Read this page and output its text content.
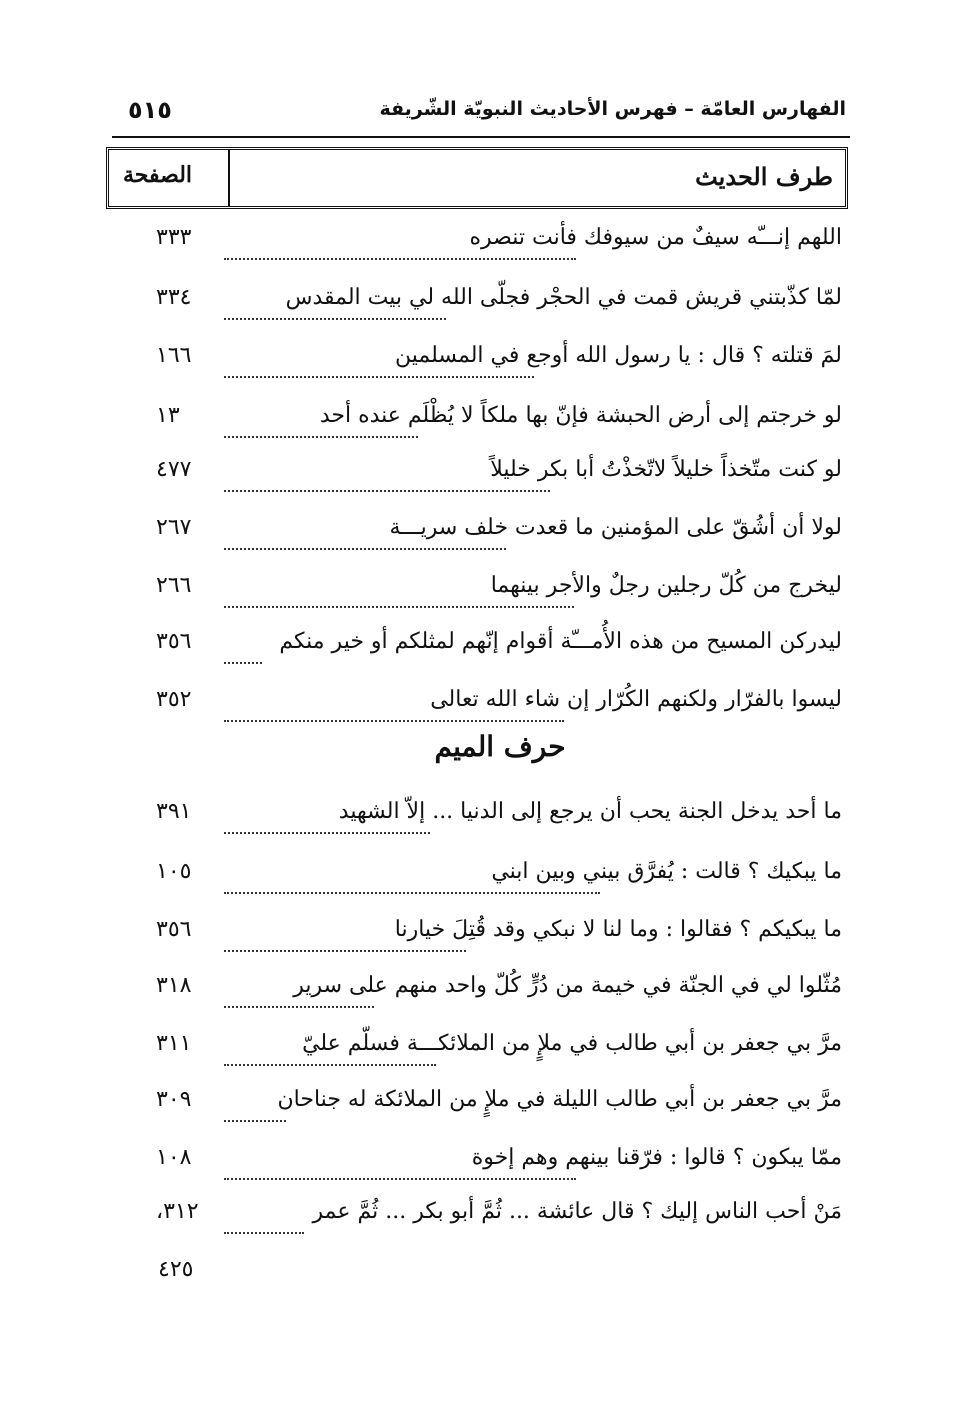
الفهارس العامّة – فهرس الأحاديث النبويّة الشّريفة
٥١٥
طرف الحديث
الصفحة
اللهم إنـــّه سيفٌ من سيوفك فأنت تنصره
٣٣٣
لمّا كذّبتني قريش قمت في الحجْر فجلّى الله لي بيت المقدس
٣٣٤
لمَ قتلته ؟ قال : يا رسول الله أوجع في المسلمين
١٦٦
لو خرجتم إلى أرض الحبشة فإنّ بها ملكاً لا يُظْلَم عنده أحد
١٣
لو كنت متّخذاً خليلاً لاتّخذْتُ أبا بكر خليلاً
٤٧٧
لولا أن أشُقّ على المؤمنين ما قعدت خلف سريـــة
٢٦٧
ليخرج من كُلّ رجلين رجلٌ والأجر بينهما
٢٦٦
ليدركن المسيح من هذه الأُمـــّة أقوام إنّهم لمثلكم أو خير منكم
٣٥٦
ليسوا بالفرّار ولكنهم الكُرّار إن شاء الله تعالى
٣٥٢
حرف الميم
ما أحد يدخل الجنة يحب أن يرجع إلى الدنيا ... إلاّ الشهيد
٣٩١
ما يبكيك ؟ قالت : يُفرَّق بيني وبين ابني
١٠٥
ما يبكيكم ؟ فقالوا : وما لنا لا نبكي وقد قُتِلَ خيارنا
٣٥٦
مُثّلوا لي في الجنّة في خيمة من دُرٍّ كُلّ واحد منهم على سرير
٣١٨
مرَّ بي جعفر بن أبي طالب في ملإٍ من الملائكـــة فسلّم عليّ
٣١١
مرَّ بي جعفر بن أبي طالب الليلة في ملإٍ من الملائكة له جناحان
٣٠٩
ممّا يبكون ؟ قالوا : فرّقنا بينهم وهم إخوة
١٠٨
مَنْ أحب الناس إليك ؟ قال عائشة ... ثُمَّ أبو بكر ... ثُمَّ عمر
٣١٢،
٤٢٥
